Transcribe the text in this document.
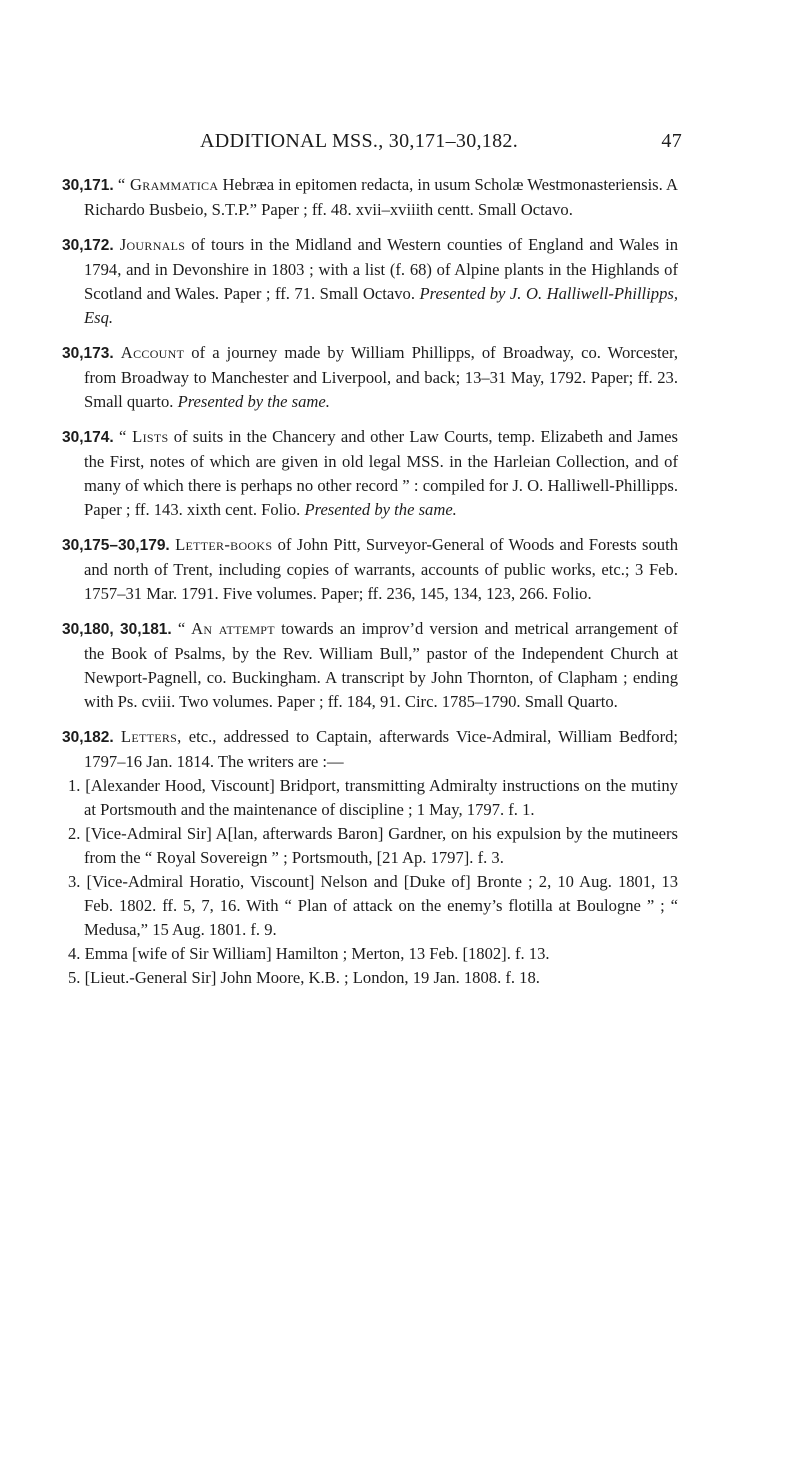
ADDITIONAL MSS., 30,171–30,182.	47

30,171. “ Grammatica Hebræa in epitomen redacta, in usum Scholæ Westmonasteriensis. A Richardo Busbeio, S.T.P.” Paper ; ff. 48. xvii–xviiith centt. Small Octavo.

30,172. Journals of tours in the Midland and Western counties of England and Wales in 1794, and in Devonshire in 1803 ; with a list (f. 68) of Alpine plants in the Highlands of Scotland and Wales. Paper ; ff. 71. Small Octavo. Presented by J. O. Halliwell-Phillipps, Esq.

30,173. Account of a journey made by William Phillipps, of Broadway, co. Worcester, from Broadway to Manchester and Liverpool, and back; 13–31 May, 1792. Paper; ff. 23. Small quarto. Presented by the same.

30,174. “ Lists of suits in the Chancery and other Law Courts, temp. Elizabeth and James the First, notes of which are given in old legal MSS. in the Harleian Collection, and of many of which there is perhaps no other record ” : compiled for J. O. Halliwell-Phillipps. Paper ; ff. 143. xixth cent. Folio. Presented by the same.

30,175–30,179. Letter-books of John Pitt, Surveyor-General of Woods and Forests south and north of Trent, including copies of warrants, accounts of public works, etc.; 3 Feb. 1757–31 Mar. 1791. Five volumes. Paper; ff. 236, 145, 134, 123, 266. Folio.

30,180, 30,181. “ An attempt towards an improv’d version and metrical arrangement of the Book of Psalms, by the Rev. William Bull,” pastor of the Independent Church at Newport-Pagnell, co. Buckingham. A transcript by John Thornton, of Clapham ; ending with Ps. cviii. Two volumes. Paper ; ff. 184, 91. Circ. 1785–1790. Small Quarto.

30,182. Letters, etc., addressed to Captain, afterwards Vice-Admiral, William Bedford; 1797–16 Jan. 1814. The writers are :—

1. [Alexander Hood, Viscount] Bridport, transmitting Admiralty instructions on the mutiny at Portsmouth and the maintenance of discipline ; 1 May, 1797. f. 1.

2. [Vice-Admiral Sir] A[lan, afterwards Baron] Gardner, on his expulsion by the mutineers from the “ Royal Sovereign ” ; Portsmouth, [21 Ap. 1797]. f. 3.

3. [Vice-Admiral Horatio, Viscount] Nelson and [Duke of] Bronte ; 2, 10 Aug. 1801, 13 Feb. 1802. ff. 5, 7, 16. With “ Plan of attack on the enemy’s flotilla at Boulogne ” ; “ Medusa,” 15 Aug. 1801. f. 9.

4. Emma [wife of Sir William] Hamilton ; Merton, 13 Feb. [1802]. f. 13.

5. [Lieut.-General Sir] John Moore, K.B. ; London, 19 Jan. 1808. f. 18.
